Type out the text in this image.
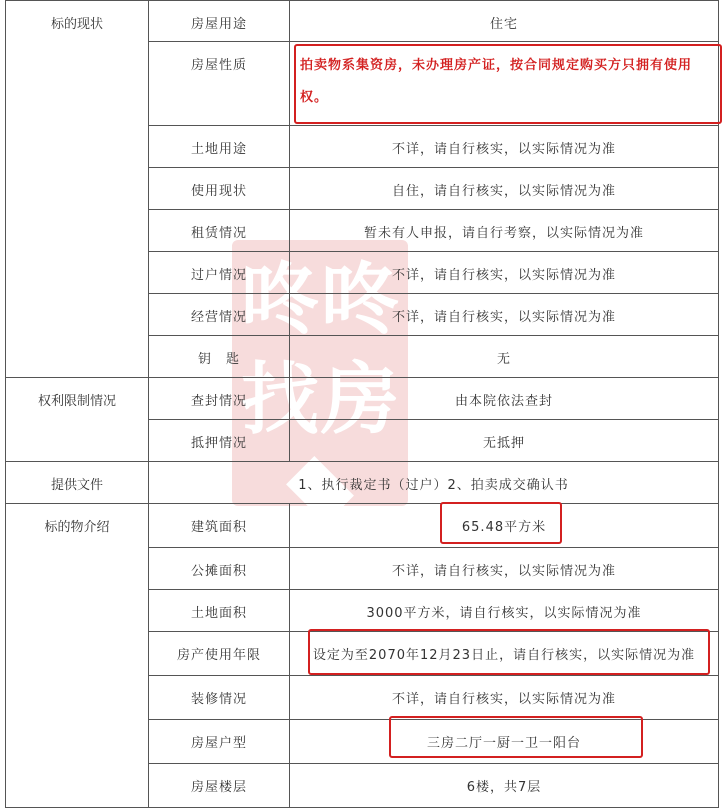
咚咚找房
标的现状	房屋用途	住宅
	房屋性质	拍卖物系集资房，未办理房产证，按合同规定购买方只拥有使用权。

	土地用途	不详，请自行核实，以实际情况为准
	使用现状	自住，请自行核实，以实际情况为准
	租赁情况	暂未有人申报，请自行考察，以实际情况为准
	过户情况	不详，请自行核实，以实际情况为准
	经营情况	不详，请自行核实，以实际情况为准
	钥　匙	无
权利限制情况	查封情况	由本院依法查封
	抵押情况	无抵押
提供文件	1、执行裁定书（过户）2、拍卖成交确认书	
标的物介绍	建筑面积	65.48平方米
	公摊面积	不详，请自行核实，以实际情况为准
	土地面积	3000平方米，请自行核实，以实际情况为准
	房产使用年限	设定为至2070年12月23日止，请自行核实，以实际情况为准
	装修情况	不详，请自行核实，以实际情况为准
	房屋户型	三房二厅一厨一卫一阳台
	房屋楼层	6楼，共7层
